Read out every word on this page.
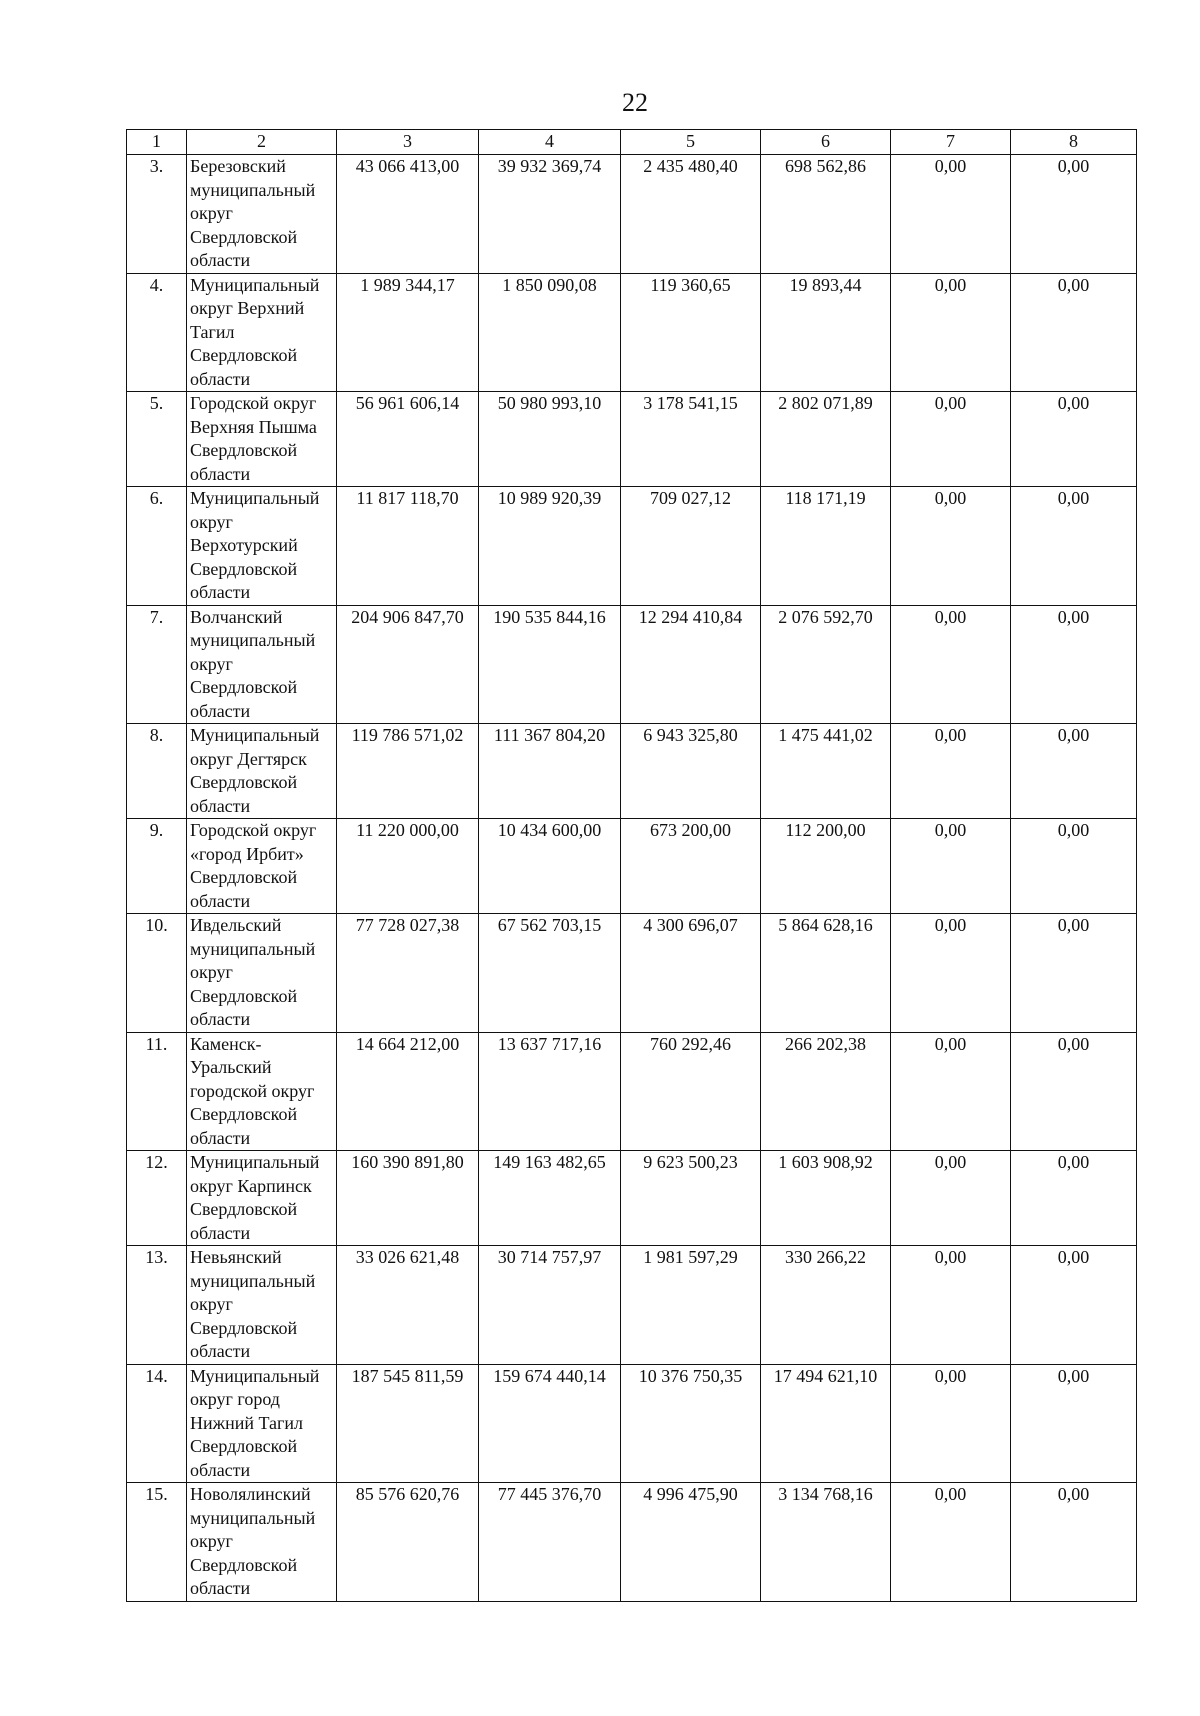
22
1	2	3	4	5	6	7	8
3.	Березовский муниципальный округ Свердловской области	43 066 413,00	39 932 369,74	2 435 480,40	698 562,86	0,00	0,00
4.	Муниципальный округ Верхний Тагил Свердловской области	1 989 344,17	1 850 090,08	119 360,65	19 893,44	0,00	0,00
5.	Городской округ Верхняя Пышма Свердловской области	56 961 606,14	50 980 993,10	3 178 541,15	2 802 071,89	0,00	0,00
6.	Муниципальный округ Верхотурский Свердловской области	11 817 118,70	10 989 920,39	709 027,12	118 171,19	0,00	0,00
7.	Волчанский муниципальный округ Свердловской области	204 906 847,70	190 535 844,16	12 294 410,84	2 076 592,70	0,00	0,00
8.	Муниципальный округ Дегтярск Свердловской области	119 786 571,02	111 367 804,20	6 943 325,80	1 475 441,02	0,00	0,00
9.	Городской округ «город Ирбит» Свердловской области	11 220 000,00	10 434 600,00	673 200,00	112 200,00	0,00	0,00
10.	Ивдельский муниципальный округ Свердловской области	77 728 027,38	67 562 703,15	4 300 696,07	5 864 628,16	0,00	0,00
11.	Каменск-Уральский городской округ Свердловской области	14 664 212,00	13 637 717,16	760 292,46	266 202,38	0,00	0,00
12.	Муниципальный округ Карпинск Свердловской области	160 390 891,80	149 163 482,65	9 623 500,23	1 603 908,92	0,00	0,00
13.	Невьянский муниципальный округ Свердловской области	33 026 621,48	30 714 757,97	1 981 597,29	330 266,22	0,00	0,00
14.	Муниципальный округ город Нижний Тагил Свердловской области	187 545 811,59	159 674 440,14	10 376 750,35	17 494 621,10	0,00	0,00
15.	Новолялинский муниципальный округ Свердловской области	85 576 620,76	77 445 376,70	4 996 475,90	3 134 768,16	0,00	0,00
